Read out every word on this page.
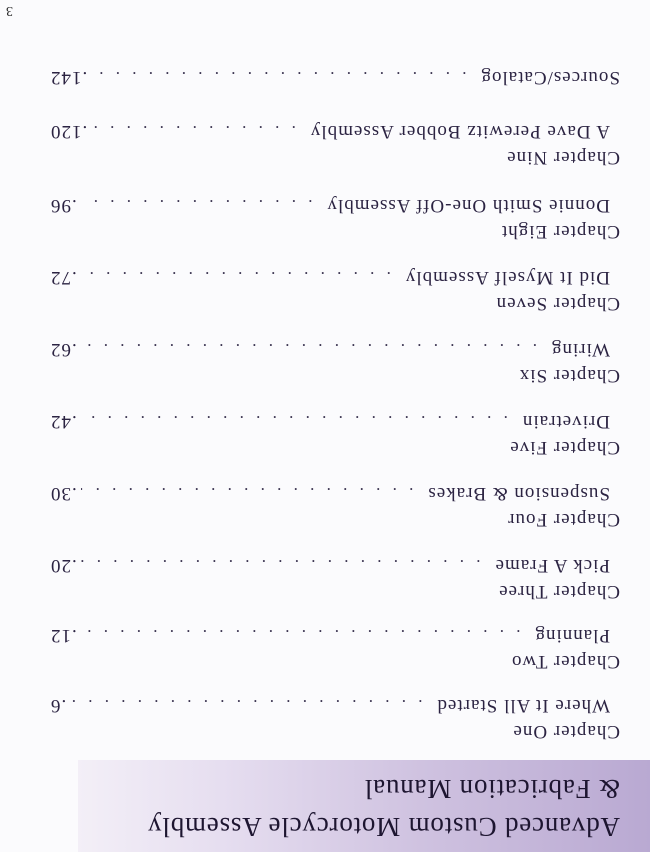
3
Advanced Custom Motorcycle Assembly
& Fabrication Manual
Chapter One
Where It All Started
. . .
.6
Chapter Two
Planning
. . .
.12
Chapter Three
Pick A Frame
. . .
.20
Chapter Four
Suspension & Brakes
. . .
.30
Chapter Five
Drivetrain
. . .
.42
Chapter Six
Wiring
. . .
.62
Chapter Seven
Did It Myself Assembly
. . .
.72
Chapter Eight
Donnie Smith One-Off Assembly
. . .
.96
Chapter Nine
A Dave Perewitz Bobber Assembly
. . .
.120
Sources/Catalog
. . .
.142
